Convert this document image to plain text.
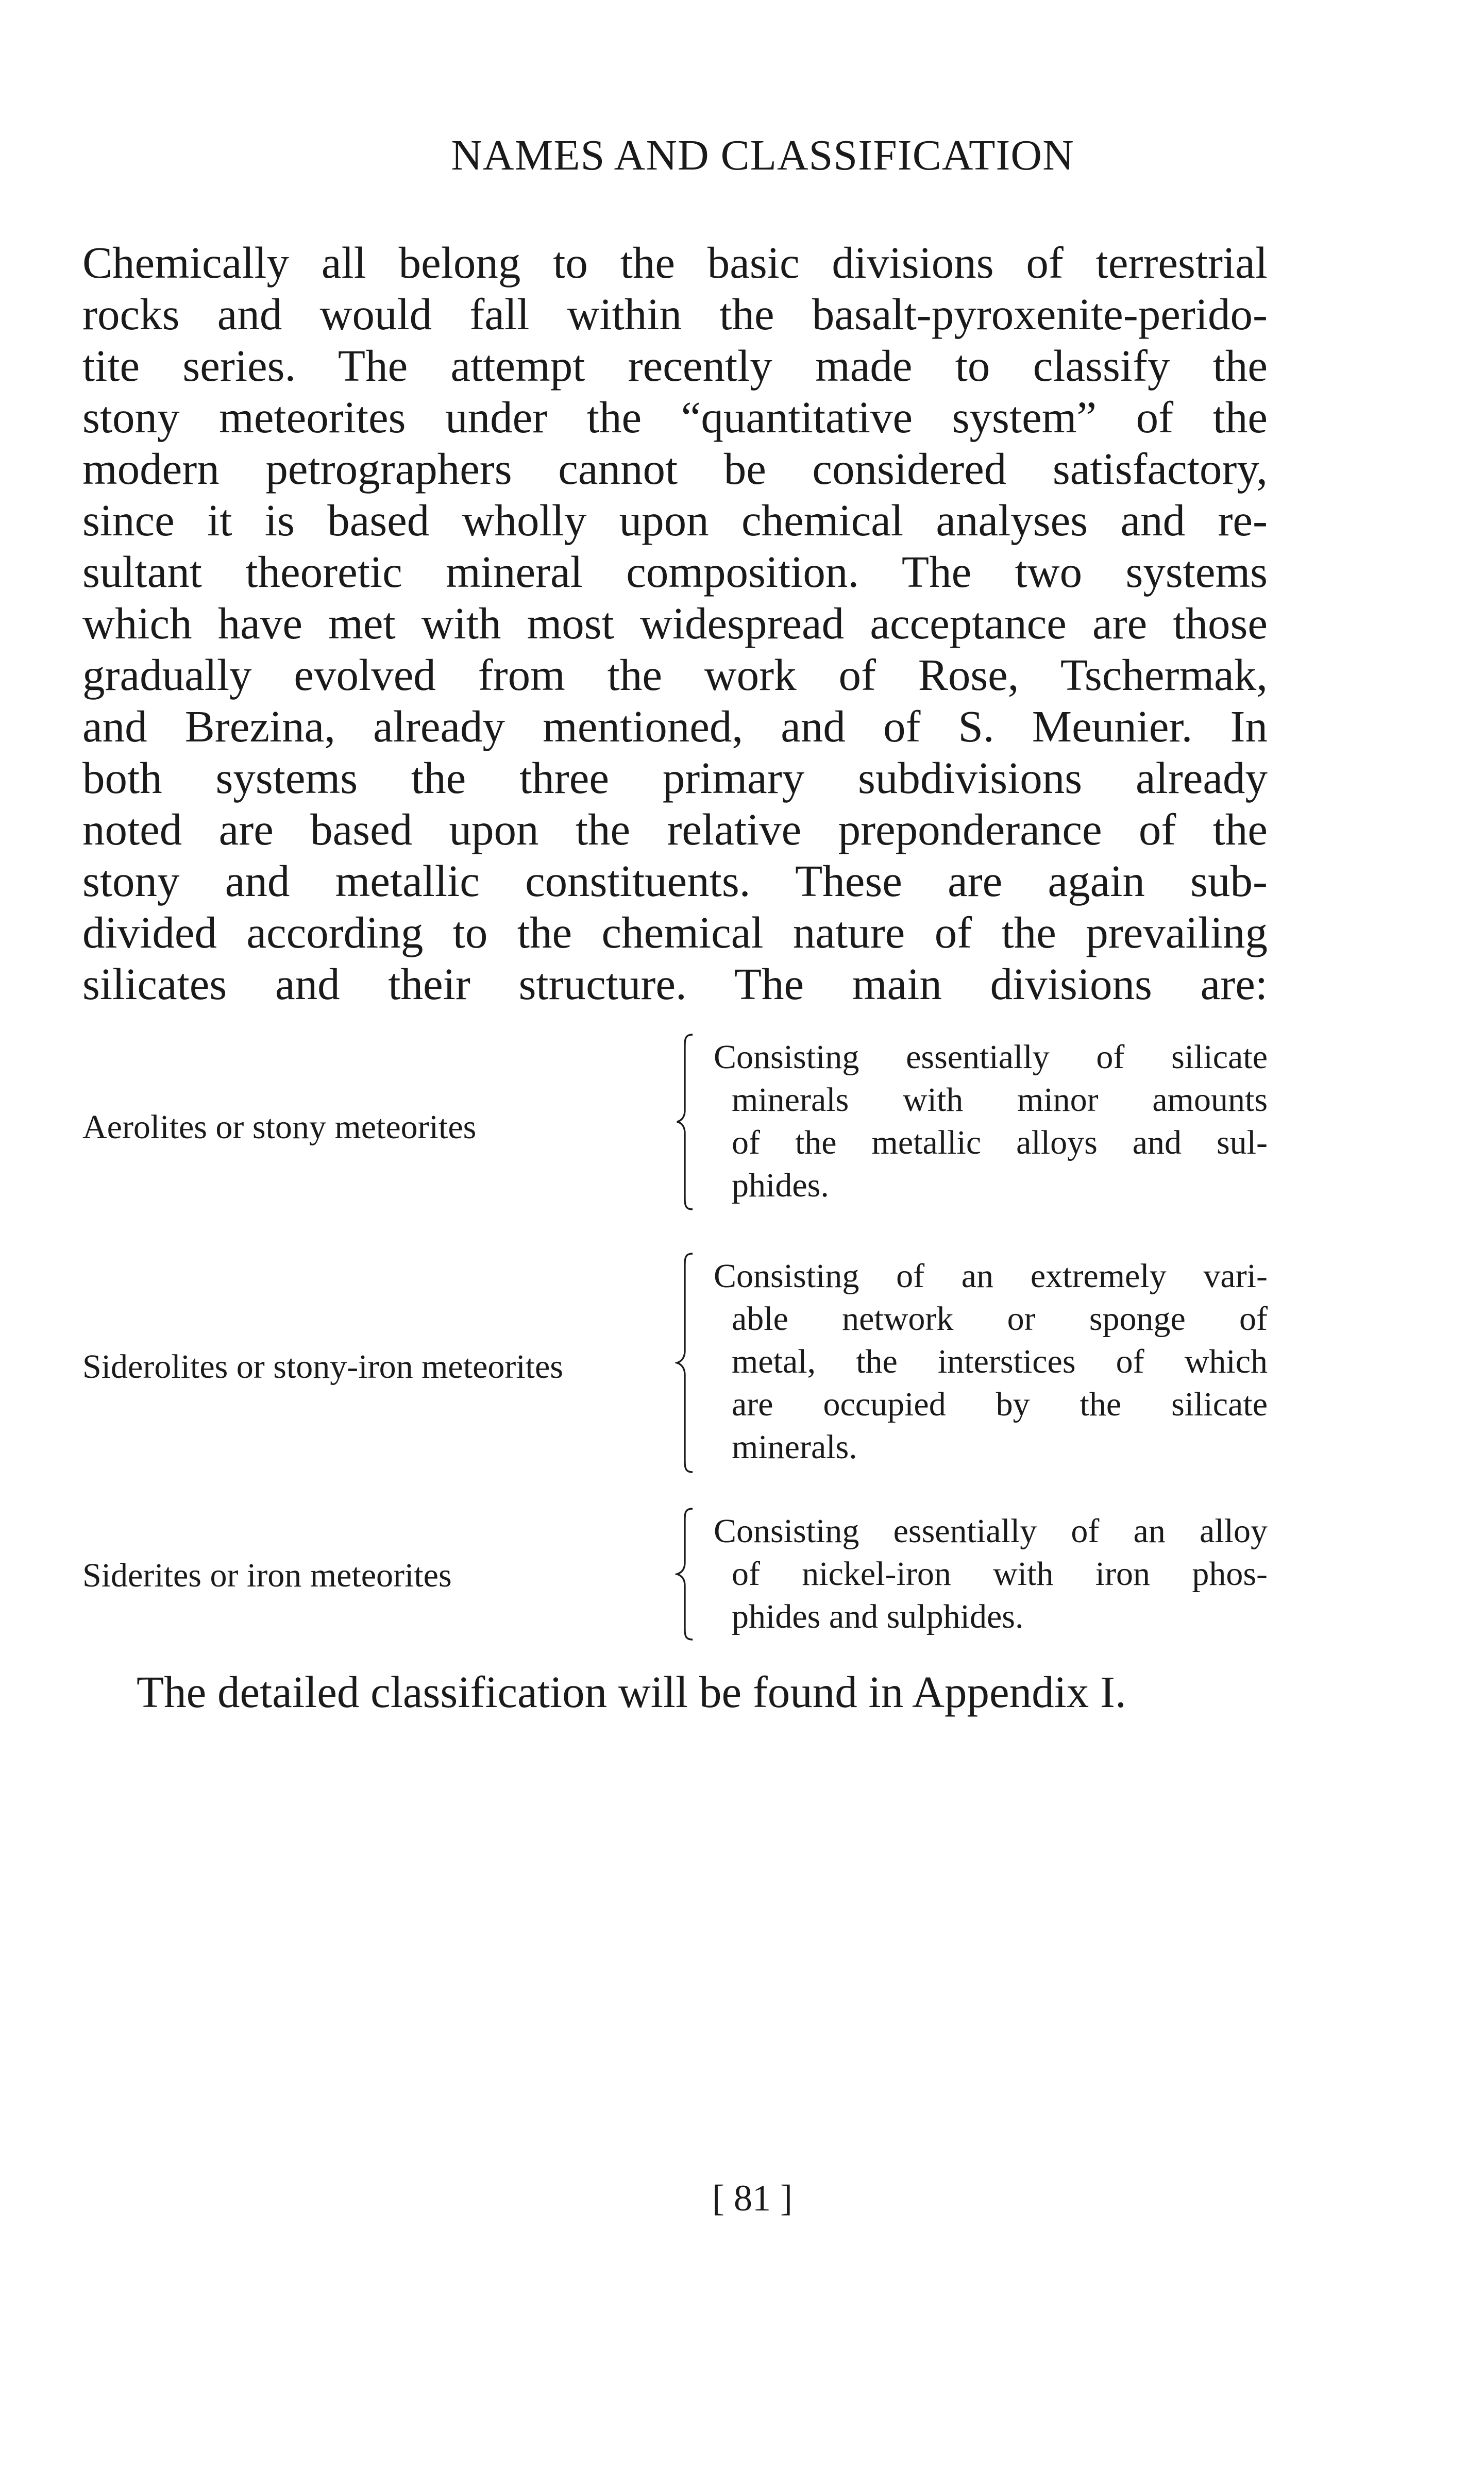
NAMES AND CLASSIFICATION
Chemically all belong to the basic divisions of terrestrial
rocks and would fall within the basalt-pyroxenite-perido-
tite series. The attempt recently made to classify the
stony meteorites under the “quantitative system” of the
modern petrographers cannot be considered satisfactory,
since it is based wholly upon chemical analyses and re-
sultant theoretic mineral composition. The two systems
which have met with most widespread acceptance are those
gradually evolved from the work of Rose, Tschermak,
and Brezina, already mentioned, and of S. Meunier. In
both systems the three primary subdivisions already
noted are based upon the relative preponderance of the
stony and metallic constituents. These are again sub-
divided according to the chemical nature of the prevailing
silicates and their structure. The main divisions are:
Aerolites or stony meteorites
Consisting essentially of silicate
minerals with minor amounts
of the metallic alloys and sul-
phides.
Siderolites or stony-iron meteorites
Consisting of an extremely vari-
able network or sponge of
metal, the interstices of which
are occupied by the silicate
minerals.
Siderites or iron meteorites
Consisting essentially of an alloy
of nickel-iron with iron phos-
phides and sulphides.
The detailed classification will be found in Appendix I.
[ 81 ]
